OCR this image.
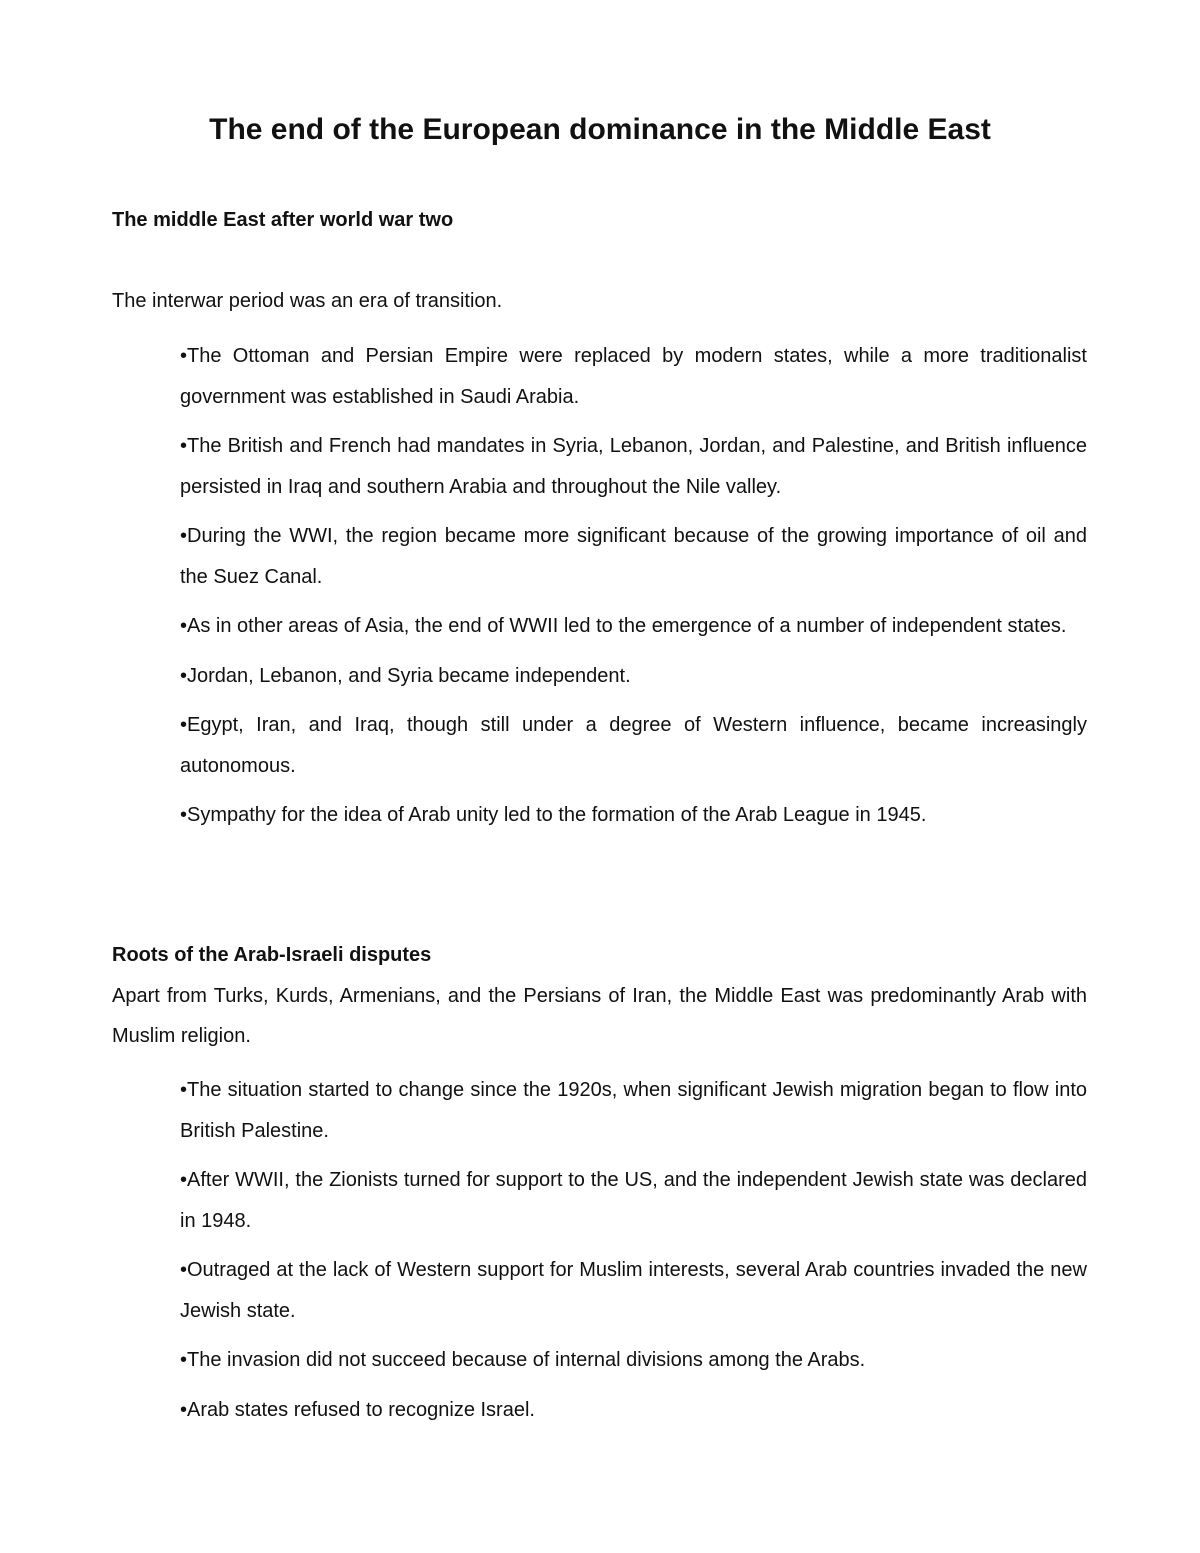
The end of the European dominance in the Middle East
The middle East after world war two

The interwar period was an era of transition.

•The Ottoman and Persian Empire were replaced by modern states, while a more traditionalist government was established in Saudi Arabia.
•The British and French had mandates in Syria, Lebanon, Jordan, and Palestine, and British influence persisted in Iraq and southern Arabia and throughout the Nile valley.
•During the WWI, the region became more significant because of the growing importance of oil and the Suez Canal.
•As in other areas of Asia, the end of WWII led to the emergence of a number of independent states.
•Jordan, Lebanon, and Syria became independent.
•Egypt, Iran, and Iraq, though still under a degree of Western influence, became increasingly autonomous.
•Sympathy for the idea of Arab unity led to the formation of the Arab League in 1945.
Roots of the Arab-Israeli disputes

Apart from Turks, Kurds, Armenians, and the Persians of Iran, the Middle East was predominantly Arab with Muslim religion.

•The situation started to change since the 1920s, when significant Jewish migration began to flow into British Palestine.
•After WWII, the Zionists turned for support to the US, and the independent Jewish state was declared in 1948.
•Outraged at the lack of Western support for Muslim interests, several Arab countries invaded the new Jewish state.
•The invasion did not succeed because of internal divisions among the Arabs.
•Arab states refused to recognize Israel.
